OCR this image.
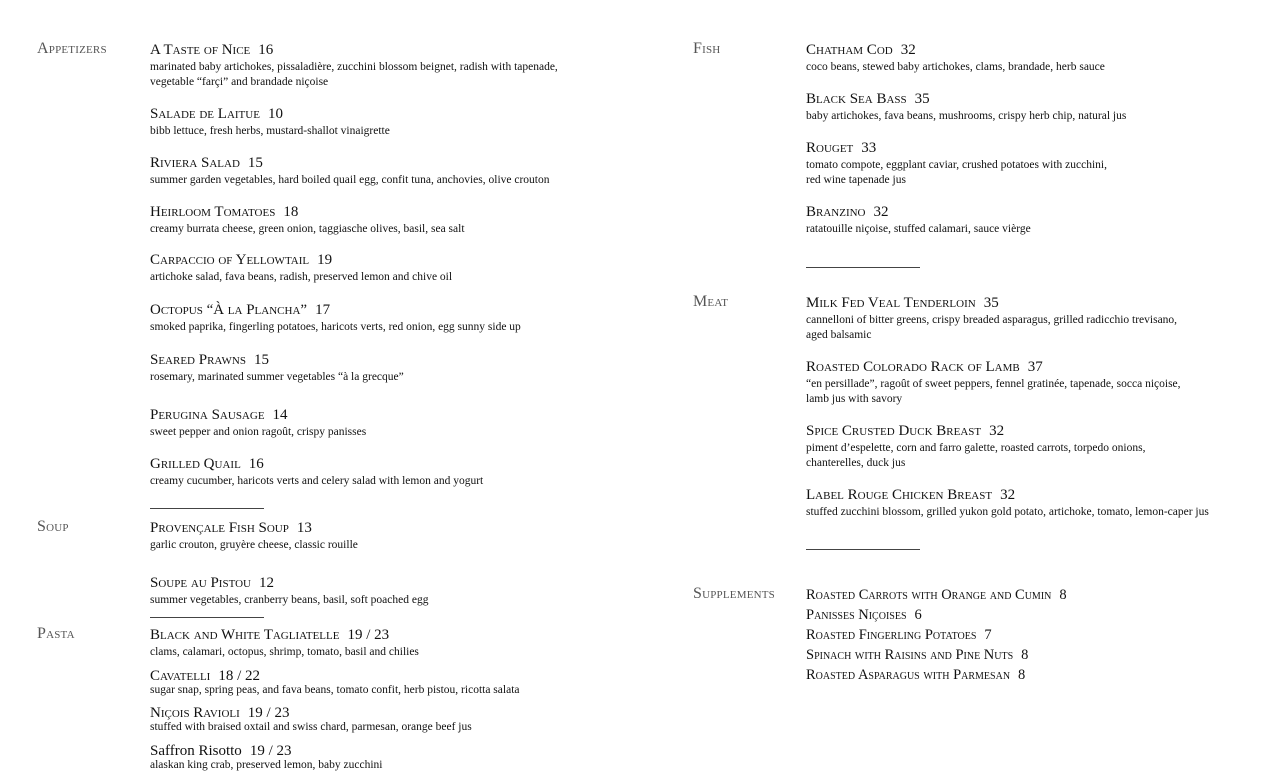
Appetizers
Soup
Pasta
Fish
Meat
Supplements
A Taste of Nice 16
marinated baby artichokes, pissaladière, zucchini blossom beignet, radish with tapenade,
vegetable “farçi” and brandade niçoise
Salade de Laitue 10
bibb lettuce, fresh herbs, mustard-shallot vinaigrette
Riviera Salad 15
summer garden vegetables, hard boiled quail egg, confit tuna, anchovies, olive crouton
Heirloom Tomatoes 18
creamy burrata cheese, green onion, taggiasche olives, basil, sea salt
Carpaccio of Yellowtail 19
artichoke salad, fava beans, radish, preserved lemon and chive oil
Octopus “À la Plancha” 17
smoked paprika, fingerling potatoes, haricots verts, red onion, egg sunny side up
Seared Prawns 15
rosemary, marinated summer vegetables “à la grecque”
Perugina Sausage 14
sweet pepper and onion ragoût, crispy panisses
Grilled Quail 16
creamy cucumber, haricots verts and celery salad with lemon and yogurt
Provençale Fish Soup 13
garlic crouton, gruyère cheese, classic rouille
Soupe au Pistou 12
summer vegetables, cranberry beans, basil, soft poached egg
Black and White Tagliatelle 19 / 23
clams, calamari, octopus, shrimp, tomato, basil and chilies
Cavatelli 18 / 22
sugar snap, spring peas, and fava beans, tomato confit, herb pistou, ricotta salata
Niçois Ravioli 19 / 23
stuffed with braised oxtail and swiss chard, parmesan, orange beef jus
Saffron Risotto 19 / 23
alaskan king crab, preserved lemon, baby zucchini
Chatham Cod 32
coco beans, stewed baby artichokes, clams, brandade, herb sauce
Black Sea Bass 35
baby artichokes, fava beans, mushrooms, crispy herb chip, natural jus
Rouget 33
tomato compote, eggplant caviar, crushed potatoes with zucchini,
red wine tapenade jus
Branzino 32
ratatouille niçoise, stuffed calamari, sauce vièrge
Milk Fed Veal Tenderloin 35
cannelloni of bitter greens, crispy breaded asparagus, grilled radicchio trevisano,
aged balsamic
Roasted Colorado Rack of Lamb 37
“en persillade”, ragoût of sweet peppers, fennel gratinée, tapenade, socca niçoise,
lamb jus with savory
Spice Crusted Duck Breast 32
piment d’espelette, corn and farro galette, roasted carrots, torpedo onions,
chanterelles, duck jus
Label Rouge Chicken Breast 32
stuffed zucchini blossom, grilled yukon gold potato, artichoke, tomato, lemon-caper jus
Roasted Carrots with Orange and Cumin 8
Panisses Niçoises 6
Roasted Fingerling Potatoes 7
Spinach with Raisins and Pine Nuts 8
Roasted Asparagus with Parmesan 8
